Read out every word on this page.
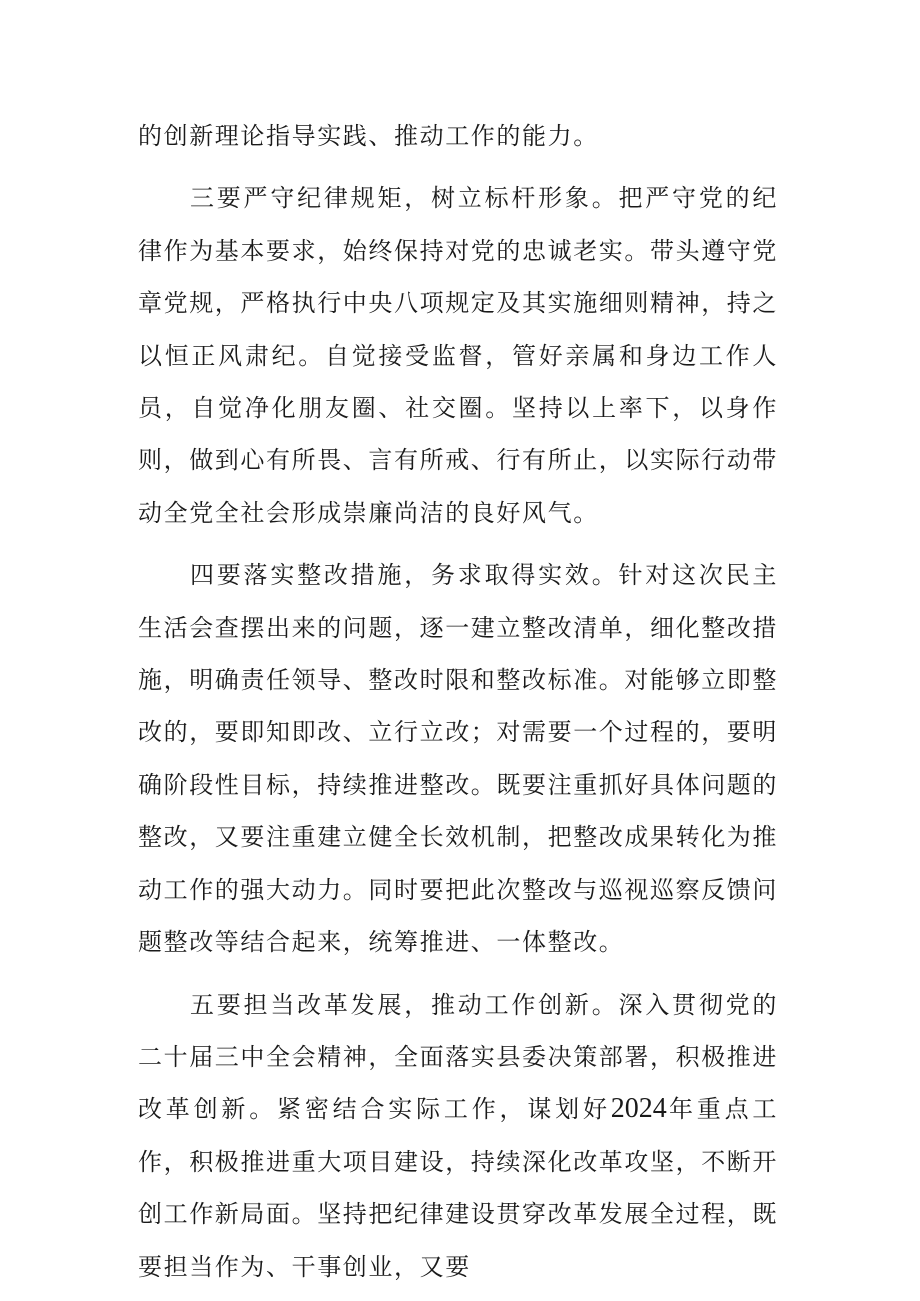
的创新理论指导实践、推动工作的能力。

三要严守纪律规矩，树立标杆形象。把严守党的纪律作为基本要求，始终保持对党的忠诚老实。带头遵守党章党规，严格执行中央八项规定及其实施细则精神，持之以恒正风肃纪。自觉接受监督，管好亲属和身边工作人员，自觉净化朋友圈、社交圈。坚持以上率下，以身作则，做到心有所畏、言有所戒、行有所止，以实际行动带动全党全社会形成崇廉尚洁的良好风气。

四要落实整改措施，务求取得实效。针对这次民主生活会查摆出来的问题，逐一建立整改清单，细化整改措施，明确责任领导、整改时限和整改标准。对能够立即整改的，要即知即改、立行立改；对需要一个过程的，要明确阶段性目标，持续推进整改。既要注重抓好具体问题的整改，又要注重建立健全长效机制，把整改成果转化为推动工作的强大动力。同时要把此次整改与巡视巡察反馈问题整改等结合起来，统筹推进、一体整改。

五要担当改革发展，推动工作创新。深入贯彻党的二十届三中全会精神，全面落实县委决策部署，积极推进改革创新。紧密结合实际工作，谋划好2024年重点工作，积极推进重大项目建设，持续深化改革攻坚，不断开创工作新局面。坚持把纪律建设贯穿改革发展全过程，既要担当作为、干事创业，又要
